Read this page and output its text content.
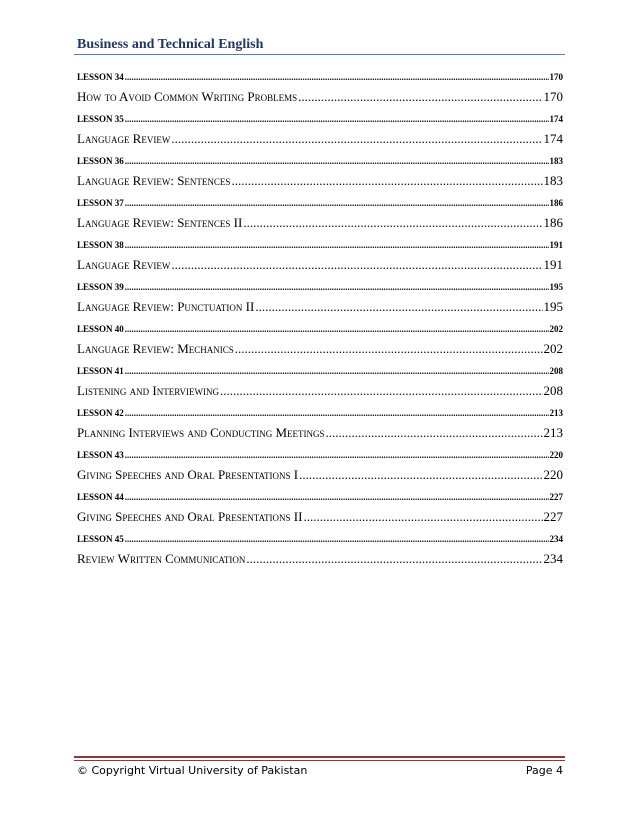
Business and Technical English
LESSON 34 .....	170
How to Avoid Common Writing Problems .....	170
LESSON 35 .....	174
Language Review .....	174
LESSON 36 .....	183
Language Review: Sentences .....	183
LESSON 37 .....	186
Language Review: Sentences II .....	186
LESSON 38 .....	191
Language Review .....	191
LESSON 39 .....	195
Language Review: Punctuation II .....	195
LESSON 40 .....	202
Language Review: Mechanics .....	202
LESSON 41 .....	208
Listening and Interviewing .....	208
LESSON 42 .....	213
Planning Interviews and Conducting Meetings .....	213
LESSON 43 .....	220
Giving Speeches and Oral Presentations I .....	220
LESSON 44 .....	227
Giving Speeches and Oral Presentations II .....	227
LESSON 45 .....	234
Review Written Communication .....	234
© Copyright Virtual University of Pakistan	Page 4
